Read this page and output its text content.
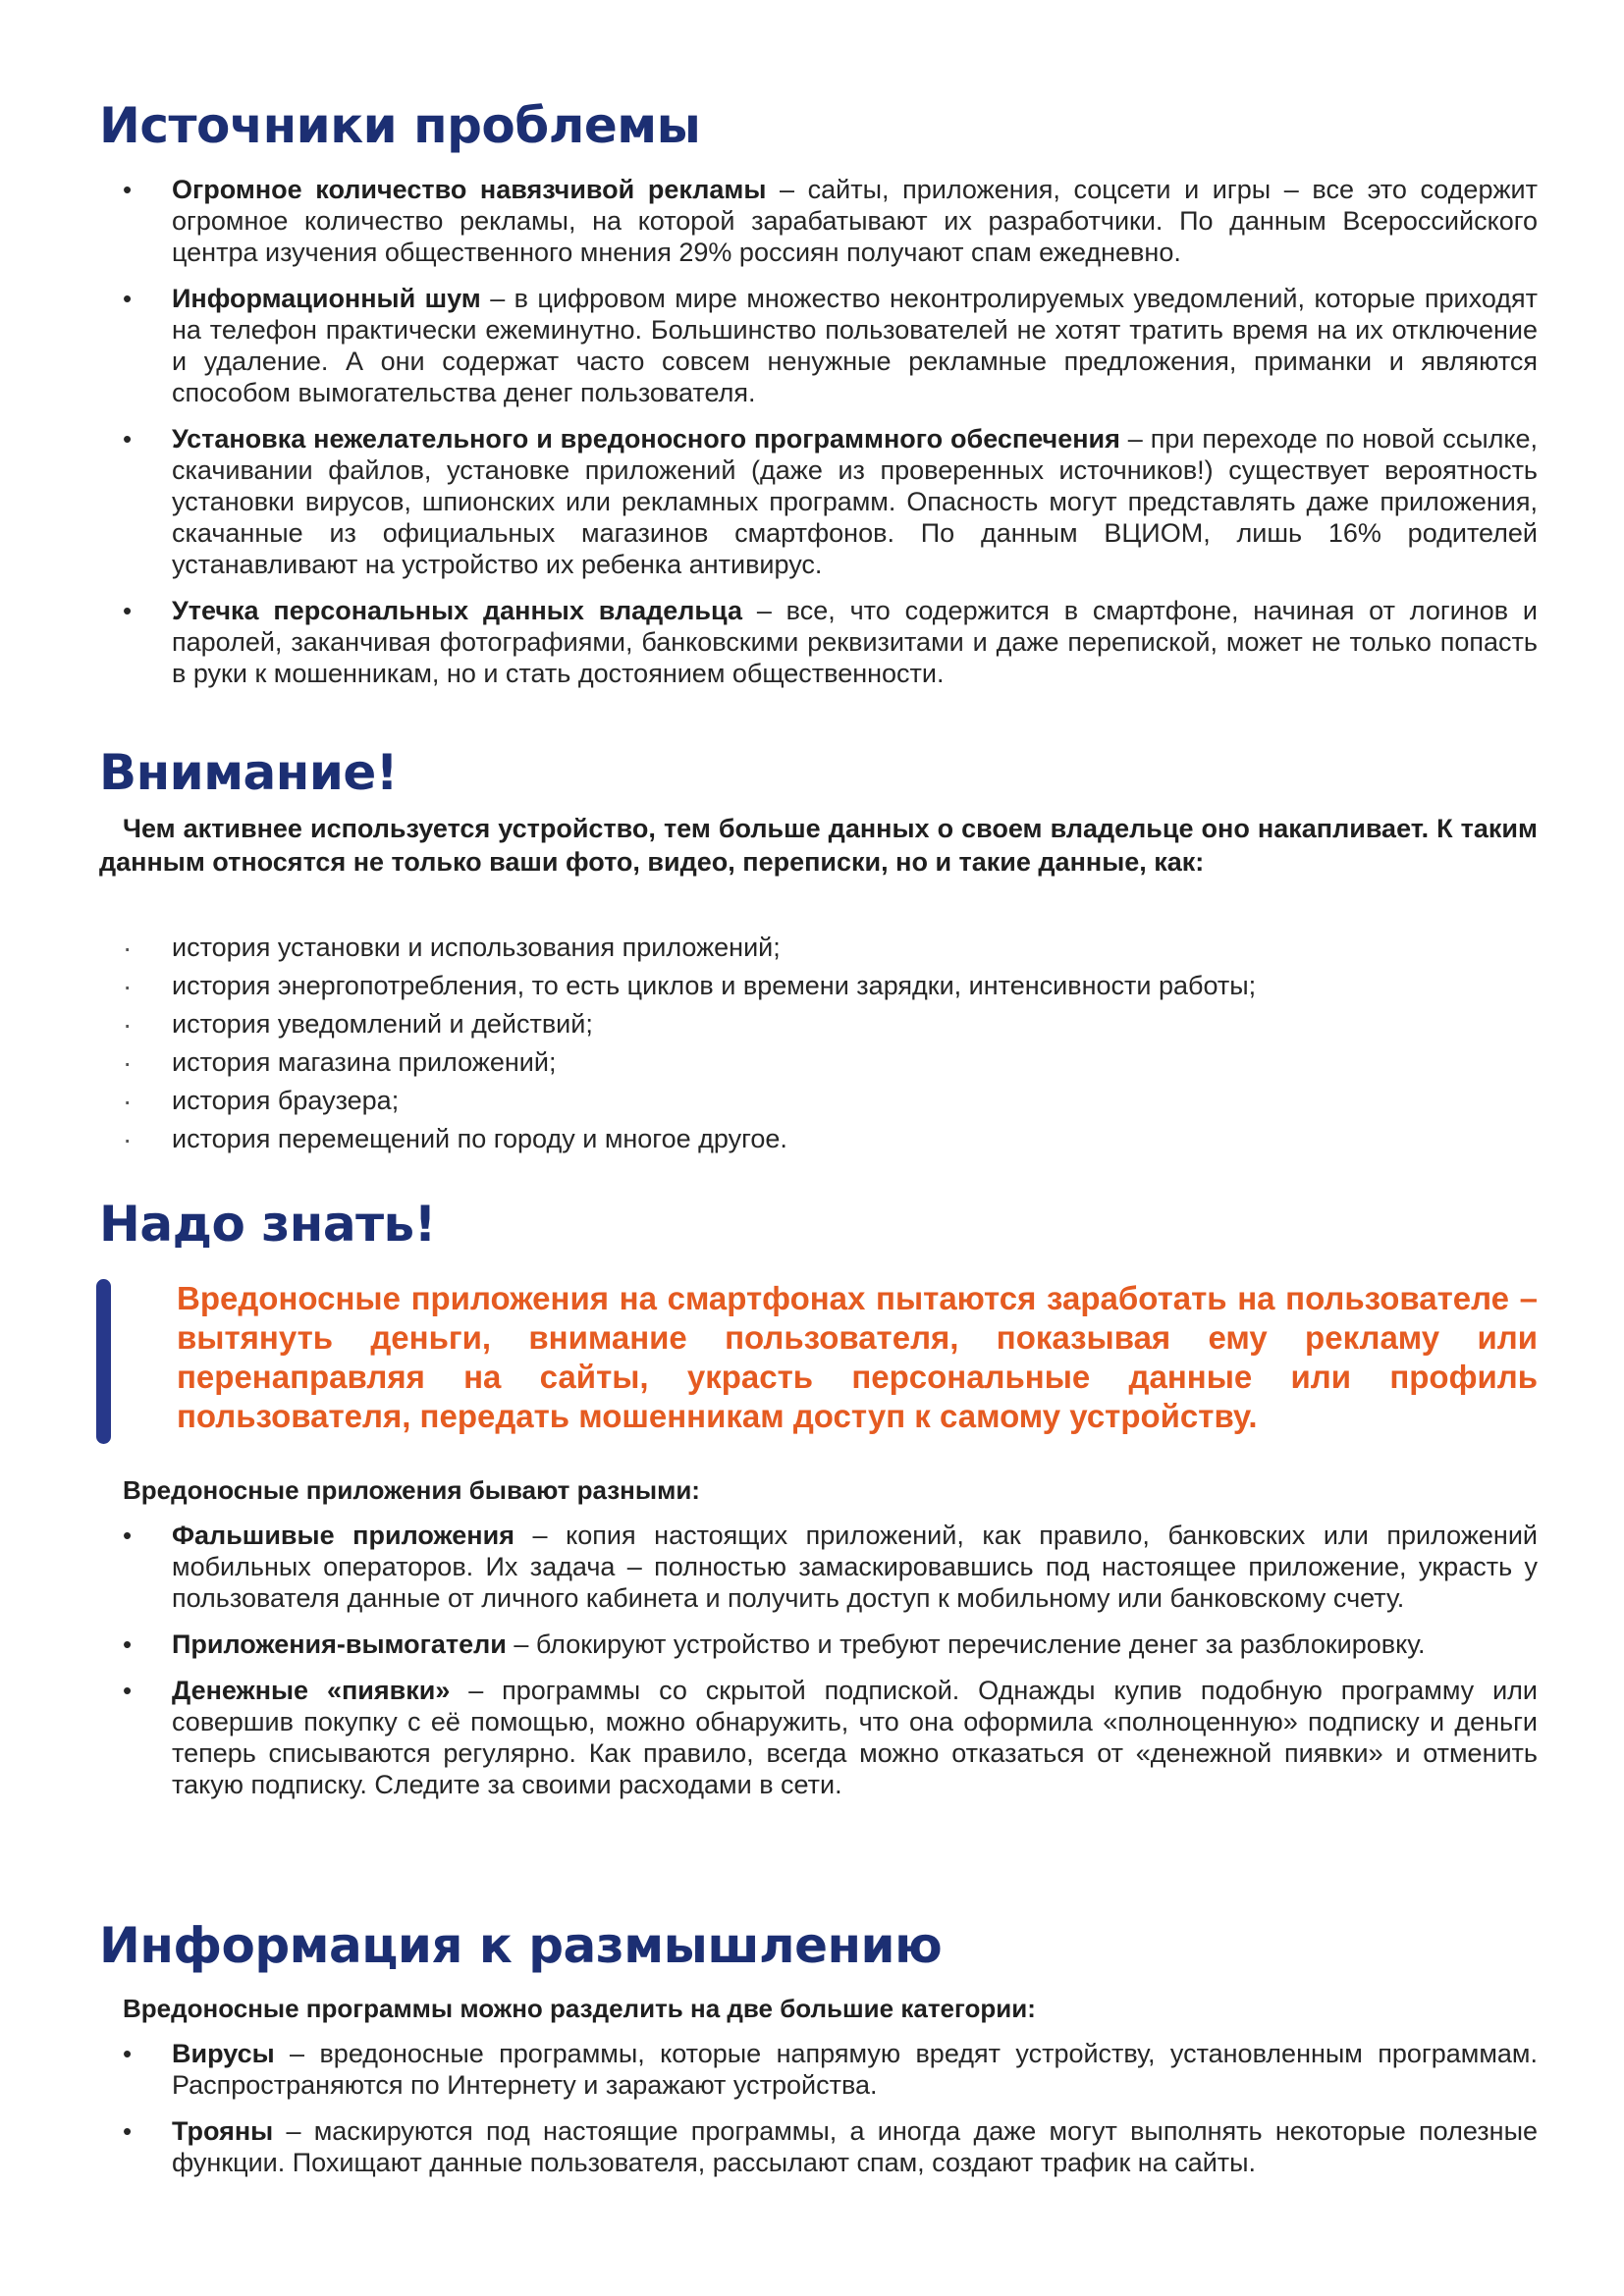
Источники проблемы
• Огромное количество навязчивой рекламы – сайты, приложения, соцсети и игры – все это содержит огромное количество рекламы, на которой зарабатывают их разработчики. По данным Всероссийского центра изучения общественного мнения 29% россиян получают спам ежедневно.
• Информационный шум – в цифровом мире множество неконтролируемых уведомлений, которые приходят на телефон практически ежеминутно. Большинство пользователей не хотят тратить время на их отключение и удаление. А они содержат часто совсем ненужные рекламные предложения, приманки и являются способом вымогательства денег пользователя.
• Установка нежелательного и вредоносного программного обеспечения – при переходе по новой ссылке, скачивании файлов, установке приложений (даже из проверенных источников!) существует вероятность установки вирусов, шпионских или рекламных программ. Опасность могут представлять даже приложения, скачанные из официальных магазинов смартфонов. По данным ВЦИОМ, лишь 16% родителей устанавливают на устройство их ребенка антивирус.
• Утечка персональных данных владельца – все, что содержится в смартфоне, начиная от логинов и паролей, заканчивая фотографиями, банковскими реквизитами и даже перепиской, может не только попасть в руки к мошенникам, но и стать достоянием общественности.
Внимание!
Чем активнее используется устройство, тем больше данных о своем владельце оно накапливает. К таким данным относятся не только ваши фото, видео, переписки, но и такие данные, как:
· история установки и использования приложений;
· история энергопотребления, то есть циклов и времени зарядки, интенсивности работы;
· история уведомлений и действий;
· история магазина приложений;
· история браузера;
· история перемещений по городу и многое другое.
Надо знать!
Вредоносные приложения на смартфонах пытаются заработать на пользователе – вытянуть деньги, внимание пользователя, показывая ему рекламу или перенаправляя на сайты, украсть персональные данные или профиль пользователя, передать мошенникам доступ к самому устройству.
Вредоносные приложения бывают разными:
• Фальшивые приложения – копия настоящих приложений, как правило, банковских или приложений мобильных операторов. Их задача – полностью замаскировавшись под настоящее приложение, украсть у пользователя данные от личного кабинета и получить доступ к мобильному или банковскому счету.
• Приложения-вымогатели – блокируют устройство и требуют перечисление денег за разблокировку.
• Денежные «пиявки» – программы со скрытой подпиской. Однажды купив подобную программу или совершив покупку с её помощью, можно обнаружить, что она оформила «полноценную» подписку и деньги теперь списываются регулярно. Как правило, всегда можно отказаться от «денежной пиявки» и отменить такую подписку. Следите за своими расходами в сети.
Информация к размышлению
Вредоносные программы можно разделить на две большие категории:
• Вирусы – вредоносные программы, которые напрямую вредят устройству, установленным программам. Распространяются по Интернету и заражают устройства.
• Трояны – маскируются под настоящие программы, а иногда даже могут выполнять некоторые полезные функции. Похищают данные пользователя, рассылают спам, создают трафик на сайты.
